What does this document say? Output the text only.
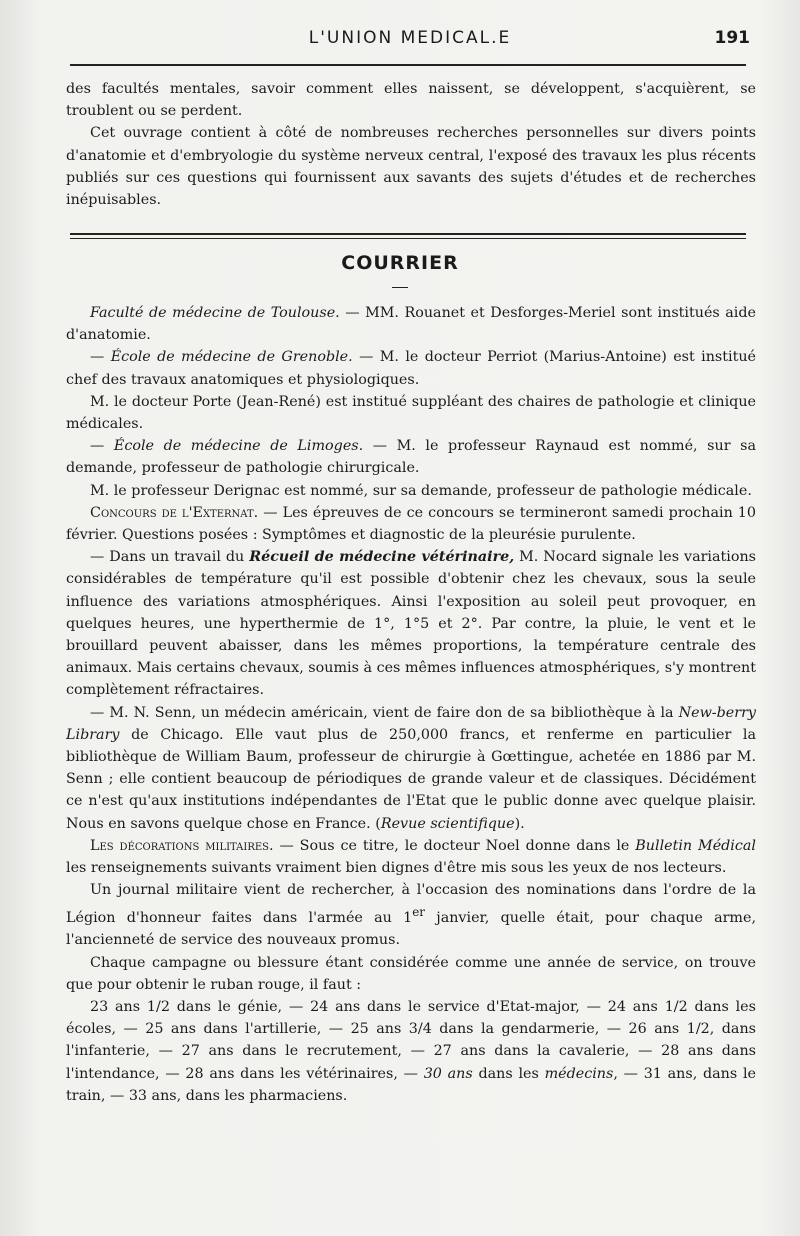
L'UNION MEDICAL.E	191

des facultés mentales, savoir comment elles naissent, se développent, s'acquièrent, se troublent ou se perdent.

Cet ouvrage contient à côté de nombreuses recherches personnelles sur divers points d'anatomie et d'embryologie du système nerveux central, l'exposé des travaux les plus récents publiés sur ces questions qui fournissent aux savants des sujets d'études et de recherches inépuisables.

COURRIER

Faculté de médecine de Toulouse. — MM. Rouanet et Desforges-Meriel sont institués aide d'anatomie.

— École de médecine de Grenoble. — M. le docteur Perriot (Marius-Antoine) est institué chef des travaux anatomiques et physiologiques.

M. le docteur Porte (Jean-René) est institué suppléant des chaires de pathologie et clinique médicales.

— École de médecine de Limoges. — M. le professeur Raynaud est nommé, sur sa demande, professeur de pathologie chirurgicale.

M. le professeur Derignac est nommé, sur sa demande, professeur de pathologie médicale.

Concours de l'Externat. — Les épreuves de ce concours se termineront samedi prochain 10 février. Questions posées : Symptômes et diagnostic de la pleurésie purulente.

— Dans un travail du Récueil de médecine vétérinaire, M. Nocard signale les variations considérables de température qu'il est possible d'obtenir chez les chevaux, sous la seule influence des variations atmosphériques. Ainsi l'exposition au soleil peut provoquer, en quelques heures, une hyperthermie de 1°, 1°5 et 2°. Par contre, la pluie, le vent et le brouillard peuvent abaisser, dans les mêmes proportions, la température centrale des animaux. Mais certains chevaux, soumis à ces mêmes influences atmosphériques, s'y montrent complètement réfractaires.

— M. N. Senn, un médecin américain, vient de faire don de sa bibliothèque à la New-berry Library de Chicago. Elle vaut plus de 250,000 francs, et renferme en particulier la bibliothèque de William Baum, professeur de chirurgie à Gœttingue, achetée en 1886 par M. Senn ; elle contient beaucoup de périodiques de grande valeur et de classiques. Décidément ce n'est qu'aux institutions indépendantes de l'Etat que le public donne avec quelque plaisir. Nous en savons quelque chose en France. (Revue scientifique).

Les décorations militaires. — Sous ce titre, le docteur Noel donne dans le Bulletin Médical les renseignements suivants vraiment bien dignes d'être mis sous les yeux de nos lecteurs.

Un journal militaire vient de rechercher, à l'occasion des nominations dans l'ordre de la Légion d'honneur faites dans l'armée au 1er janvier, quelle était, pour chaque arme, l'ancienneté de service des nouveaux promus.

Chaque campagne ou blessure étant considérée comme une année de service, on trouve que pour obtenir le ruban rouge, il faut :

23 ans 1/2 dans le génie, — 24 ans dans le service d'Etat-major, — 24 ans 1/2 dans les écoles, — 25 ans dans l'artillerie, — 25 ans 3/4 dans la gendarmerie, — 26 ans 1/2, dans l'infanterie, — 27 ans dans le recrutement, — 27 ans dans la cavalerie, — 28 ans dans l'intendance, — 28 ans dans les vétérinaires, — 30 ans dans les médecins, — 31 ans, dans le train, — 33 ans, dans les pharmaciens.
